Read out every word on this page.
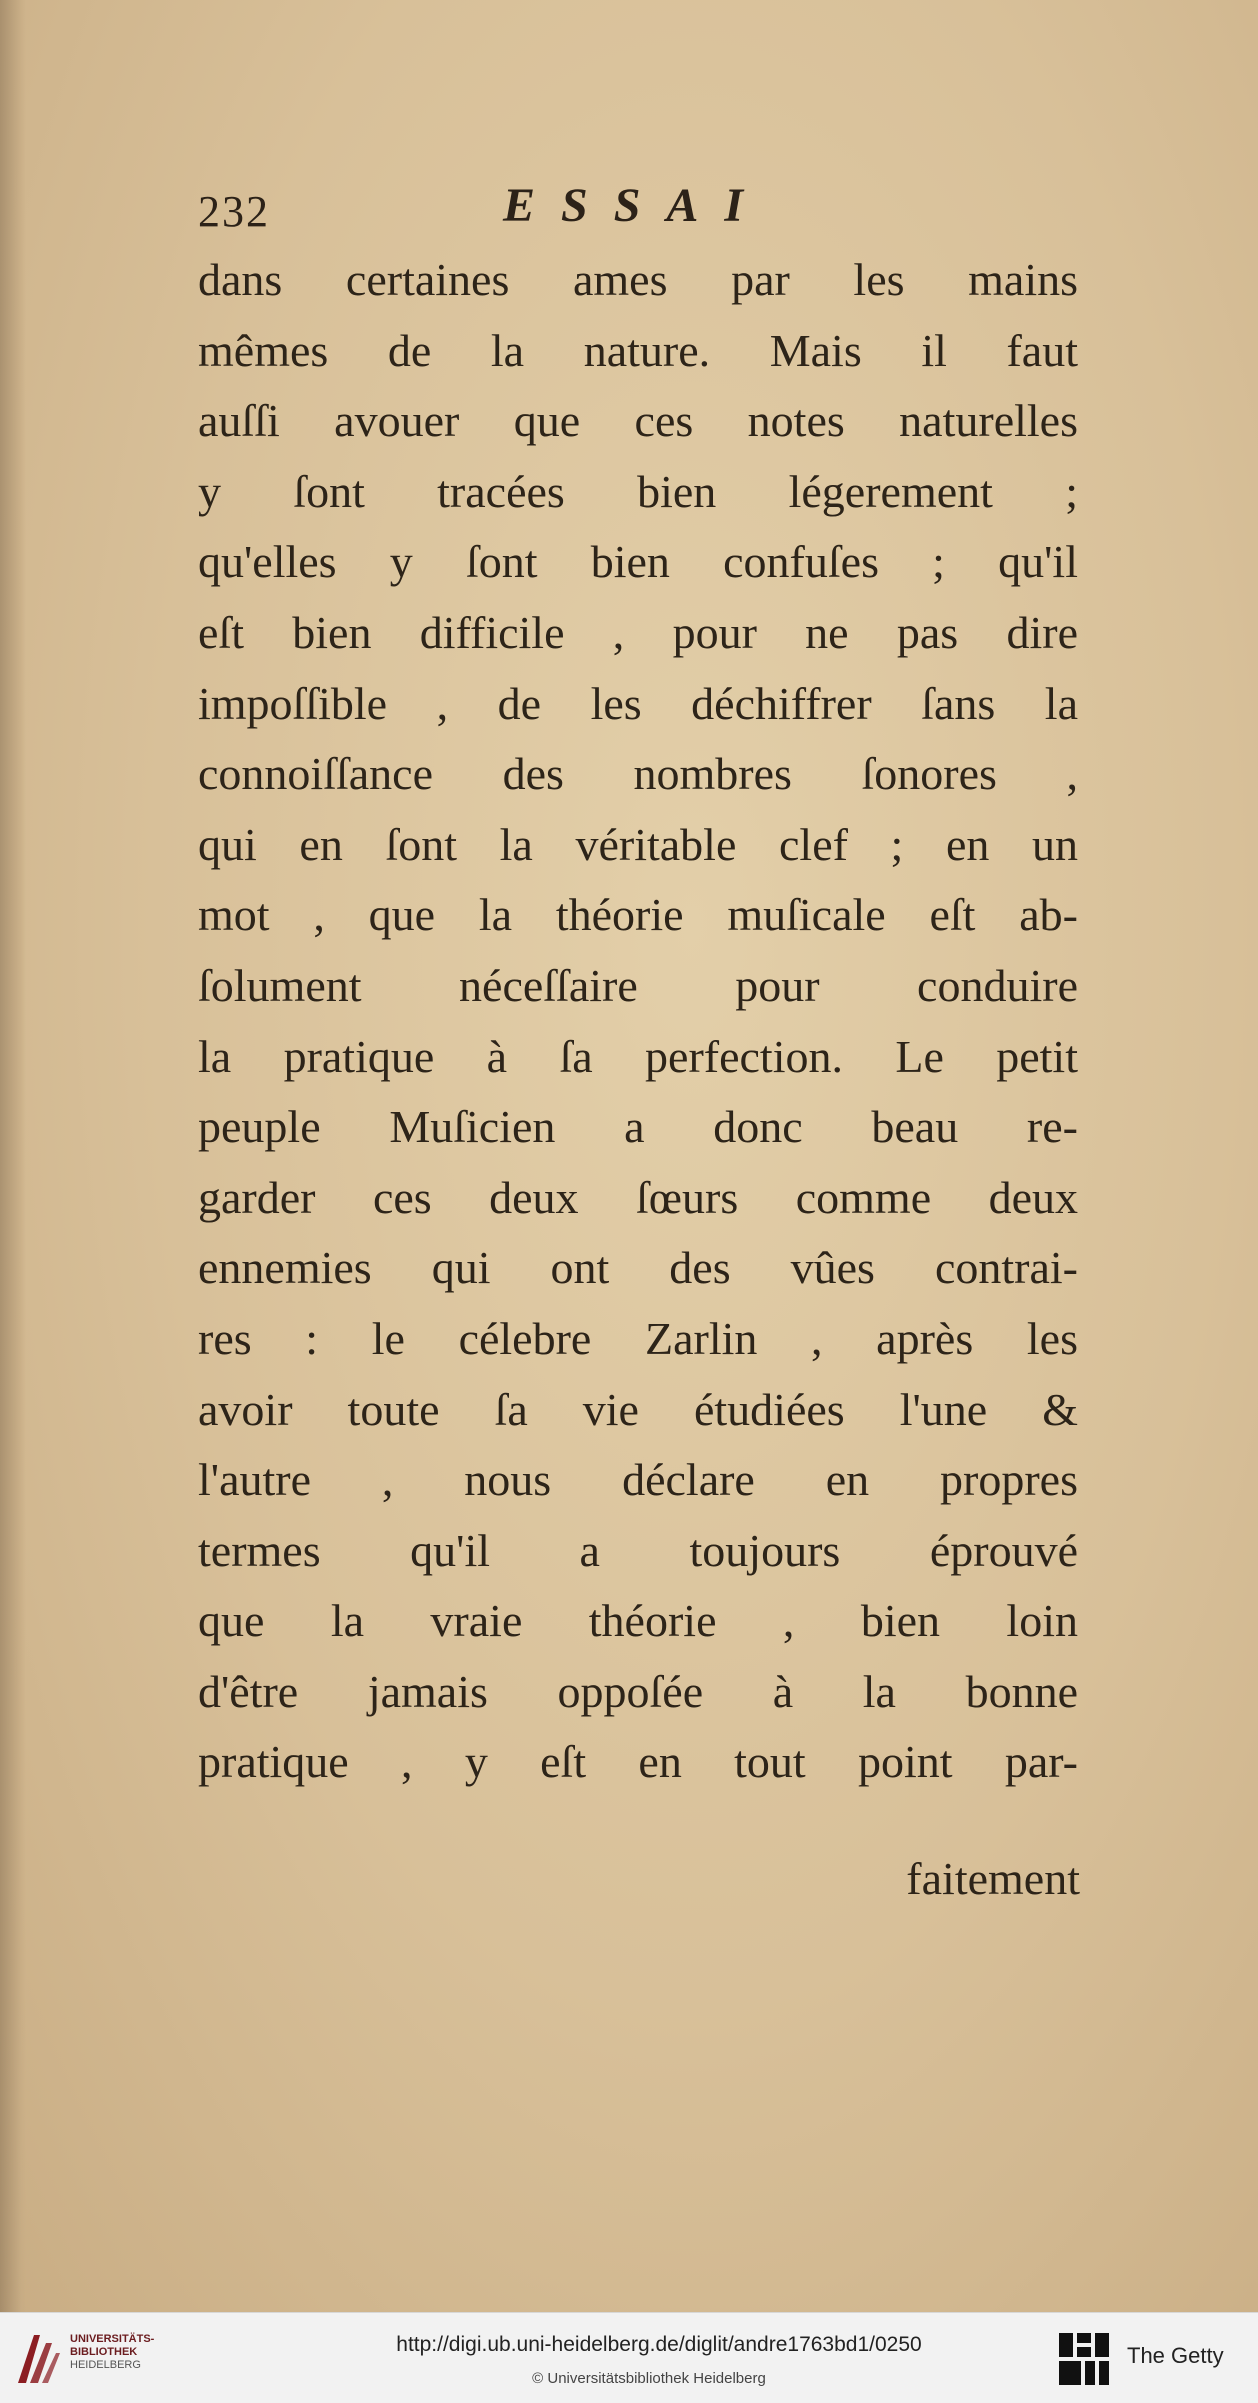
232	ESSAI
dans certaines ames par les mains
mêmes de la nature. Mais il faut
auſſi avouer que ces notes naturelles
y ſont tracées bien légerement ;
qu'elles y ſont bien confuſes ; qu'il
eſt bien difficile , pour ne pas dire
impoſſible , de les déchiffrer ſans la
connoiſſance des nombres ſonores ,
qui en ſont la véritable clef ; en un
mot , que la théorie muſicale eſt ab-
ſolument néceſſaire pour conduire
la pratique à ſa perfection. Le petit
peuple Muſicien a donc beau re-
garder ces deux ſœurs comme deux
ennemies qui ont des vûes contrai-
res : le célebre Zarlin , après les
avoir toute ſa vie étudiées l'une &
l'autre , nous déclare en propres
termes qu'il a toujours éprouvé
que la vraie théorie , bien loin
d'être jamais oppoſée à la bonne
pratique , y eſt en tout point par-
faitement
UNIVERSITÄTS-
BIBLIOTHEK
HEIDELBERG
http://digi.ub.uni-heidelberg.de/diglit/andre1763bd1/0250
© Universitätsbibliothek Heidelberg
The Getty
